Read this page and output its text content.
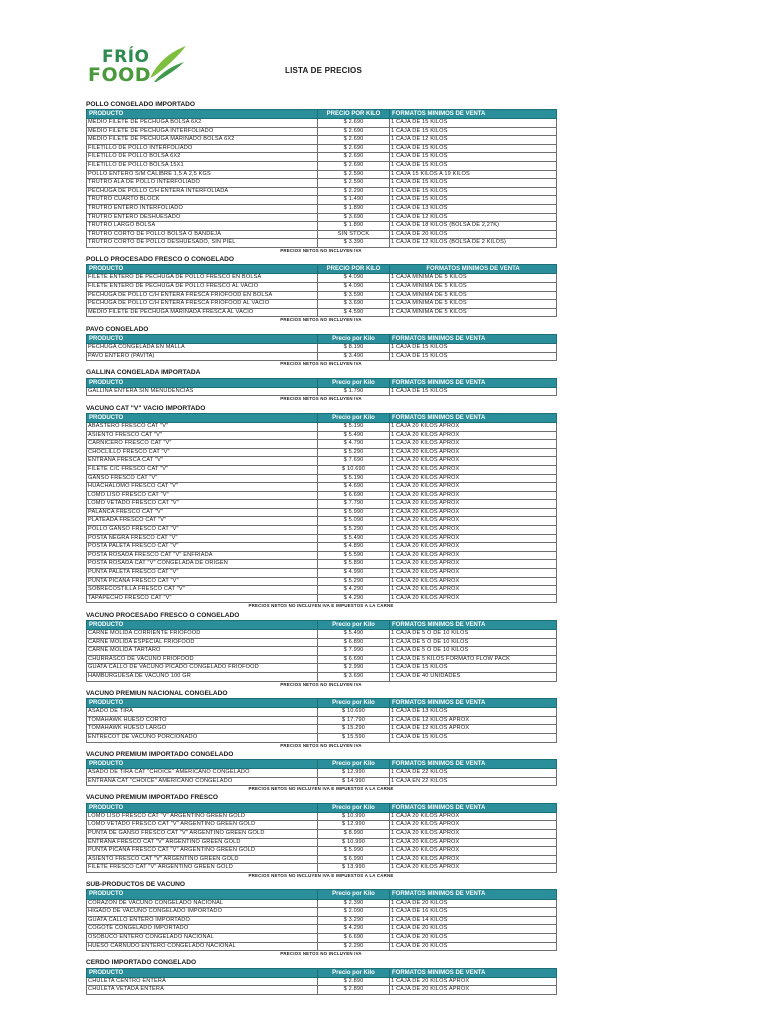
FRÍO
FOOD	LISTA DE PRECIOS
POLLO CONGELADO IMPORTADO
PRODUCTO	PRECIO POR KILO	FORMATOS MINIMOS DE VENTA
MEDIO FILETE DE PECHUGA BOLSA 6X2	$ 2.690	1 CAJA DE 15 KILOS
MEDIO FILETE DE PECHUGA INTERFOLIADO	$ 2.690	1 CAJA DE 15 KILOS
MEDIO FILETE DE PECHUGA MARINADO BOLSA 6X2	$ 2.690	1 CAJA DE 12 KILOS
FILETILLO DE POLLO INTERFOLIADO	$ 2.690	1 CAJA DE 15 KILOS
FILETILLO DE POLLO BOLSA 6X2	$ 2.690	1 CAJA DE 15 KILOS
FILETILLO DE POLLO BOLSA 15X1	$ 2.690	1 CAJA DE 15 KILOS
POLLO ENTERO S/M CALIBRE 1,5 A 2,5 KGS	$ 2.590	1 CAJA 15 KILOS A 19 KILOS
TRUTRO ALA DE POLLO INTERFOLIADO	$ 2.590	1 CAJA DE 15 KILOS
PECHUGA DE POLLO C/H ENTERA INTERFOLIADA	$ 2.290	1 CAJA DE 15 KILOS
TRUTRO CUARTO BLOCK	$ 1.490	1 CAJA DE 15 KILOS
TRUTRO ENTERO INTERFOLIADO	$ 1.890	1 CAJA DE 13 KILOS
TRUTRO ENTERO DESHUESADO	$ 3.690	1 CAJA DE 12 KILOS
TRUTRO LARGO BOLSA	$ 1.890	1 CAJA DE 18 KILOS (BOLSA DE 2,27K)
TRUTRO CORTO DE POLLO BOLSA O BANDEJA	SIN STOCK	1 CAJA DE 20 KILOS
TRUTRO CORTO DE POLLO DESHUESADO, SIN PIEL	$ 3.390	1 CAJA DE 12 KILOS (BOLSA DE 2 KILOS)
PRECIOS NETOS NO INCLUYEN IVA
POLLO PROCESADO FRESCO O CONGELADO
PRODUCTO	PRECIO POR KILO	FORMATOS MINIMOS DE VENTA
FILETE ENTERO DE PECHUGA DE POLLO FRESCO EN BOLSA	$ 4.090	1 CAJA MINIMA DE 5 KILOS
FILETE ENTERO DE PECHUGA DE POLLO FRESCO AL VACIO	$ 4.090	1 CAJA MINIMA DE 5 KILOS
PECHUGA DE POLLO C/H ENTERA FRESCA FRIOFOOD EN BOLSA	$ 3.590	1 CAJA MINIMA DE 5 KILOS
PECHUGA DE POLLO C/H ENTERA FRESCA FRIOFOOD AL VACIO	$ 3.690	1 CAJA MINIMA DE 5 KILOS
MEDIO FILETE DE PECHUGA MARINADA FRESCA AL VACIO	$ 4.590	1 CAJA MINIMA DE 5 KILOS
PRECIOS NETOS NO INCLUYEN IVA
PAVO CONGELADO
PRODUCTO	Precio por Kilo	FORMATOS MINIMOS DE VENTA
PECHUGA CONGELADA EN MALLA	$ 8.190	1 CAJA DE 15 KILOS
PAVO ENTERO (PAVITA)	$ 3.490	1 CAJA DE 15 KILOS
PRECIOS NETOS NO INCLUYEN IVA
GALLINA CONGELADA IMPORTADA
PRODUCTO	Precio por Kilo	FORMATOS MINIMOS DE VENTA
GALLINA ENTERA SIN MENUDENCIAS	$ 1.790	1 CAJA DE 15 KILOS
PRECIOS NETOS NO INCLUYEN IVA
VACUNO CAT "V" VACIO IMPORTADO
PRODUCTO	Precio por Kilo	FORMATOS MINIMOS DE VENTA
ABASTERO FRESCO CAT "V"	$ 5.190	1 CAJA 20 KILOS APROX
ASIENTO FRESCO CAT "V"	$ 5.490	1 CAJA 20 KILOS APROX
CARNICERO FRESCO CAT "V"	$ 4.790	1 CAJA 20 KILOS APROX
CHOCLILLO FRESCO CAT "V"	$ 5.290	1 CAJA 20 KILOS APROX
ENTRAÑA FRESCA CAT "V"	$ 7.690	1 CAJA 20 KILOS APROX
FILETE C/C FRESCO CAT "V"	$ 10.690	1 CAJA 20 KILOS APROX
GANSO FRESCO CAT "V"	$ 5.190	1 CAJA 20 KILOS APROX
HUACHALOMO FRESCO CAT "V"	$ 4.690	1 CAJA 20 KILOS APROX
LOMO LISO FRESCO CAT "V"	$ 6.690	1 CAJA 20 KILOS APROX
LOMO VETADO FRESCO CAT "V"	$ 7.790	1 CAJA 20 KILOS APROX
PALANCA FRESCO CAT "V"	$ 5.990	1 CAJA 20 KILOS APROX
PLATEADA FRESCO CAT "V"	$ 5.090	1 CAJA 20 KILOS APROX
POLLO GANSO FRESCO CAT "V"	$ 5.290	1 CAJA 20 KILOS APROX
POSTA NEGRA FRESCO CAT "V"	$ 5.490	1 CAJA 20 KILOS APROX
POSTA PALETA FRESCO CAT "V"	$ 4.890	1 CAJA 20 KILOS APROX
POSTA ROSADA FRESCO CAT "V" ENFRIADA	$ 5.590	1 CAJA 20 KILOS APROX
POSTA ROSADA CAT "V" CONGELADA DE ORIGEN	$ 5.890	1 CAJA 20 KILOS APROX
PUNTA PALETA FRESCO CAT "V"	$ 4.990	1 CAJA 20 KILOS APROX
PUNTA PICANA FRESCO CAT "V"	$ 5.290	1 CAJA 20 KILOS APROX
SOBRECOSTILLA FRESCO CAT "V"	$ 4.290	1 CAJA 20 KILOS APROX
TAPAPECHO FRESCO CAT "V"	$ 4.290	1 CAJA 20 KILOS APROX
PRECIOS NETOS NO INCLUYEN IVA E IMPUESTOS A LA CARNE
VACUNO PROCESADO FRESCO O CONGELADO
PRODUCTO	Precio por Kilo	FORMATOS MINIMOS DE VENTA
CARNE MOLIDA CORRIENTE FRIOFOOD	$ 5.490	1 CAJA DE 5 O DE 10 KILOS
CARNE MOLIDA ESPECIAL FRIOFOOD	$ 6.890	1 CAJA DE 5 O DE 10 KILOS
CARNE MOLIDA TARTARO	$ 7.990	1 CAJA DE 5 O DE 10 KILOS
CHURRASCO DE VACUNO FRIOFOOD	$ 6.690	1 CAJA DE 5 KILOS FORMATO FLOW PACK
GUATA CALLO DE VACUNO PICADO CONGELADO FRIOFOOD	$ 2.990	1 CAJA DE 15 KILOS
HAMBURGUESA DE VACUNO 100 GR	$ 3.690	1 CAJA DE 40 UNIDADES
PRECIOS NETOS NO INCLUYEN IVA
VACUNO PREMIUN NACIONAL CONGELADO
PRODUCTO	Precio por Kilo	FORMATOS MINIMOS DE VENTA
ASADO DE TIRA	$ 10.690	1 CAJA DE 13 KILOS
TOMAHAWK HUESO CORTO	$ 17.790	1 CAJA DE 12 KILOS APROX
TOMAHAWK HUESO LARGO	$ 15.290	1 CAJA DE 12 KILOS APROX
ENTRECOT DE VACUNO PORCIONADO	$ 15.590	1 CAJA DE 15 KILOS
PRECIOS NETOS NO INCLUYEN IVA
VACUNO PREMIUM IMPORTADO CONGELADO
PRODUCTO	Precio por Kilo	FORMATOS MINIMOS DE VENTA
ASADO DE TIRA CAT "CHOICE" AMERICANO CONGELADO	$ 12.990	1 CAJA DE 22 KILOS
ENTRAÑA CAT "CHOICE" AMERICANO CONGELADO	$ 14.990	1 CAJA EN 22 KILOS
PRECIOS NETOS NO INCLUYEN IVA E IMPUESTOS A LA CARNE
VACUNO PREMIUM IMPORTADO FRESCO
PRODUCTO	Precio por Kilo	FORMATOS MINIMOS DE VENTA
LOMO LISO FRESCO CAT "V" ARGENTINO GREEN GOLD	$ 10.990	1 CAJA 20 KILOS APROX
LOMO VETADO FRESCO CAT "V" ARGENTINO GREEN GOLD	$ 12.990	1 CAJA 20 KILOS APROX
PUNTA DE GANSO FRESCO CAT "V" ARGENTINO GREEN GOLD	$ 8.990	1 CAJA 20 KILOS APROX
ENTRAÑA FRESCO CAT "V" ARGENTINO GREEN GOLD	$ 10.990	1 CAJA 20 KILOS APROX
PUNTA PICANA FRESCO CAT "V" ARGENTINO GREEN GOLD	$ 5.990	1 CAJA 20 KILOS APROX
ASIENTO FRESCO CAT "V" ARGENTINO GREEN GOLD	$ 6.990	1 CAJA 20 KILOS APROX
FILETE FRESCO CAT "V" ARGENTINO GREEN GOLD	$ 13.990	1 CAJA 20 KILOS APROX
PRECIOS NETOS NO INCLUYEN IVA E IMPUESTOS A LA CARNE
SUB-PRODUCTOS DE VACUNO
PRODUCTO	Precio por Kilo	FORMATOS MINIMOS DE VENTA
CORAZON DE VACUNO CONGELADO NACIONAL	$ 2.390	1 CAJA DE 20 KILOS
HIGADO DE VACUNO CONGELADO IMPORTADO	$ 2.090	1 CAJA DE 16 KILOS
GUATA CALLO ENTERO IMPORTADO	$ 3.290	1 CAJA DE 14 KILOS
COGOTE CONGELADO IMPORTADO	$ 4.290	1 CAJA DE 20 KILOS
OSOBUCO ENTERO CONGELADO NACIONAL	$ 6.690	1 CAJA DE 20 KILOS
HUESO CARNUDO ENTERO CONGELADO NACIONAL	$ 2.290	1 CAJA DE 20 KILOS
PRECIOS NETOS NO INCLUYEN IVA
CERDO IMPORTADO CONGELADO
PRODUCTO	Precio por Kilo	FORMATOS MINIMOS DE VENTA
CHULETA CENTRO ENTERA	$ 2.890	1 CAJA DE 20 KILOS APROX
CHULETA VETADA ENTERA	$ 2.890	1 CAJA DE 20 KILOS APROX
